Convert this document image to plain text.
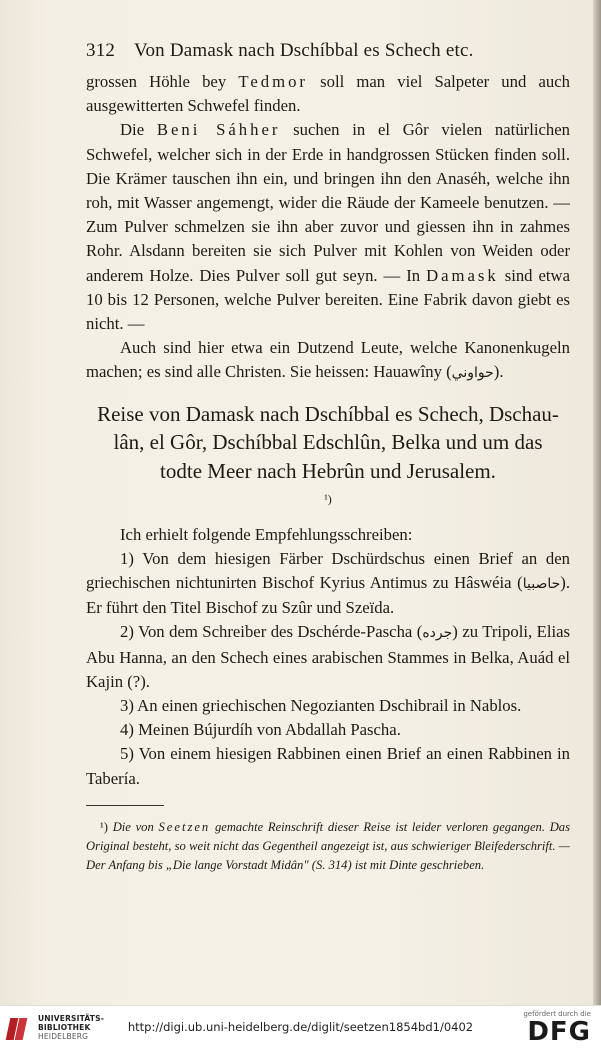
312 Von Damask nach Dschíbbal es Schech etc.

grossen Höhle bey Tedmor soll man viel Salpeter und auch ausgewitterten Schwefel finden.

Die Beni Sáhher suchen in el Gôr vielen natürlichen Schwefel, welcher sich in der Erde in handgrossen Stücken finden soll. Die Krämer tauschen ihn ein, und bringen ihn den Anaséh, welche ihn roh, mit Wasser angemengt, wider die Räude der Kameele benutzen. — Zum Pulver schmelzen sie ihn aber zuvor und giessen ihn in zahmes Rohr. Alsdann bereiten sie sich Pulver mit Kohlen von Weiden oder anderem Holze. Dies Pulver soll gut seyn. — In Damask sind etwa 10 bis 12 Personen, welche Pulver bereiten. Eine Fabrik davon giebt es nicht. —

Auch sind hier etwa ein Dutzend Leute, welche Kanonenkugeln machen; es sind alle Christen. Sie heissen: Hauawîny (حواوني).

Reise von Damask nach Dschíbbal es Schech, Dschau-
lân, el Gôr, Dschíbbal Edschlûn, Belka und um das
todte Meer nach Hebrûn und Jerusalem.
$^{^1)}$

Ich erhielt folgende Empfehlungsschreiben:

1) Von dem hiesigen Färber Dschürdschus einen Brief an den griechischen nichtunirten Bischof Kyrius Antimus zu Hâswéia (حاصبيا). Er führt den Titel Bischof zu Szûr und Szeïda.

2) Von dem Schreiber des Dschérde-Pascha (جرده) zu Tripoli, Elias Abu Hanna, an den Schech eines arabischen Stammes in Belka, Auád el Kajin (?).

3) An einen griechischen Negozianten Dschibrail in Nablos.

4) Meinen Bújurdíh von Abdallah Pascha.

5) Von einem hiesigen Rabbinen einen Brief an einen Rabbinen in Tabería.

¹) Die von Seetzen gemachte Reinschrift dieser Reise ist leider verloren gegangen. Das Original besteht, so weit nicht das Gegentheil angezeigt ist, aus schwieriger Bleifederschrift. — Der Anfang bis „Die lange Vorstadt Midân" (S. 314) ist mit Dinte geschrieben.

UNIVERSITÄTS-
BIBLIOTHEK
HEIDELBERG
http://digi.ub.uni-heidelberg.de/diglit/seetzen1854bd1/0402
gefördert durch die
DFG
